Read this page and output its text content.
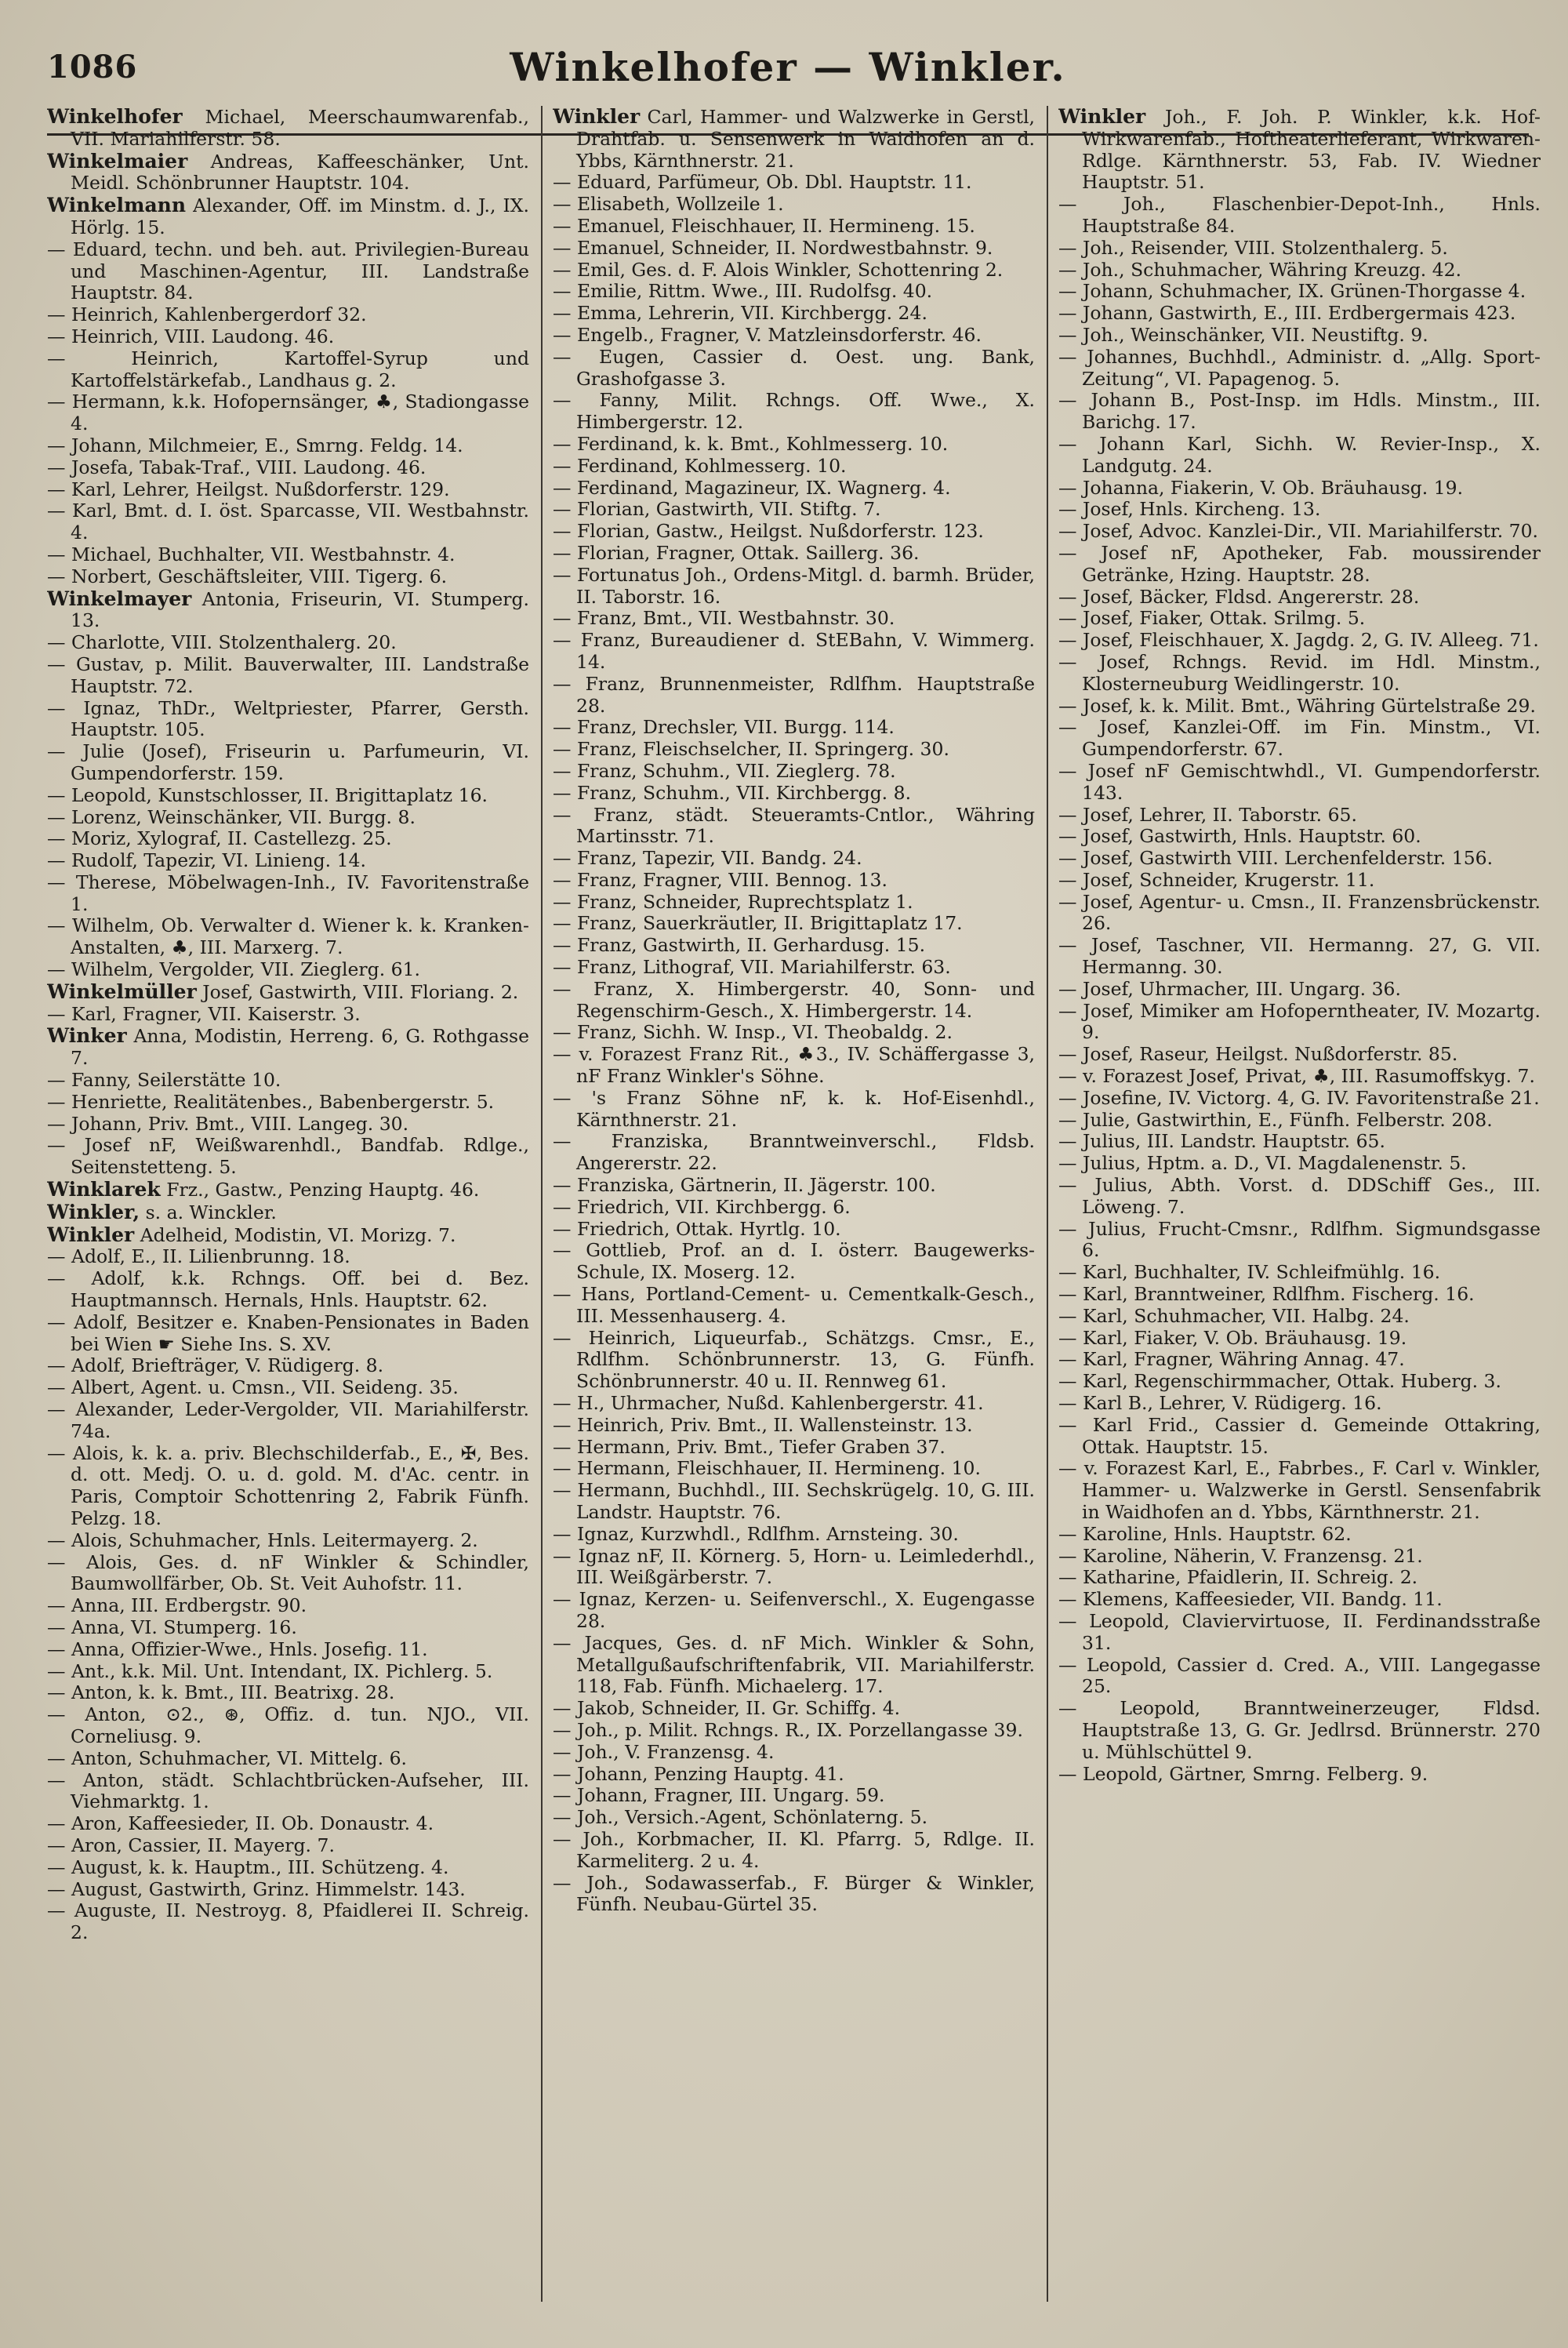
1086	Winkelhofer — Winkler.
Winkelhofer Michael, Meerschaumwarenfab., VII. Mariahilferstr. 58.
Winkelmaier Andreas, Kaffeeschänker, Unt. Meidl. Schönbrunner Hauptstr. 104.
Winkelmann Alexander, Off. im Minstm. d. J., IX. Hörlg. 15.
— Eduard, techn. und beh. aut. Privilegien-Bureau und Maschinen-Agentur, III. Landstraße Hauptstr. 84.
— Heinrich, Kahlenbergerdorf 32.
— Heinrich, VIII. Laudong. 46.
— Heinrich, Kartoffel-Syrup und Kartoffelstärkefab., Landhaus g. 2.
— Hermann, k.k. Hofopernsänger, ♣, Stadiongasse 4.
— Johann, Milchmeier, E., Smrng. Feldg. 14.
— Josefa, Tabak-Traf., VIII. Laudong. 46.
— Karl, Lehrer, Heilgst. Nußdorferstr. 129.
— Karl, Bmt. d. I. öst. Sparcasse, VII. Westbahnstr. 4.
— Michael, Buchhalter, VII. Westbahnstr. 4.
— Norbert, Geschäftsleiter, VIII. Tigerg. 6.
Winkelmayer Antonia, Friseurin, VI. Stumperg. 13.
— Charlotte, VIII. Stolzenthalerg. 20.
— Gustav, p. Milit. Bauverwalter, III. Landstraße Hauptstr. 72.
— Ignaz, ThDr., Weltpriester, Pfarrer, Gersth. Hauptstr. 105.
— Julie (Josef), Friseurin u. Parfumeurin, VI. Gumpendorferstr. 159.
— Leopold, Kunstschlosser, II. Brigittaplatz 16.
— Lorenz, Weinschänker, VII. Burgg. 8.
— Moriz, Xylograf, II. Castellezg. 25.
— Rudolf, Tapezir, VI. Linieng. 14.
— Therese, Möbelwagen-Inh., IV. Favoritenstraße 1.
— Wilhelm, Ob. Verwalter d. Wiener k. k. Kranken-Anstalten, ♣, III. Marxerg. 7.
— Wilhelm, Vergolder, VII. Zieglerg. 61.
Winkelmüller Josef, Gastwirth, VIII. Floriang. 2.
— Karl, Fragner, VII. Kaiserstr. 3.
Winker Anna, Modistin, Herreng. 6, G. Rothgasse 7.
— Fanny, Seilerstätte 10.
— Henriette, Realitätenbes., Babenbergerstr. 5.
— Johann, Priv. Bmt., VIII. Langeg. 30.
— Josef nF, Weißwarenhdl., Bandfab. Rdlge., Seitenstetteng. 5.
Winklarek Frz., Gastw., Penzing Hauptg. 46.
Winkler, s. a. Winckler.
Winkler Adelheid, Modistin, VI. Morizg. 7.
— Adolf, E., II. Lilienbrunng. 18.
— Adolf, k.k. Rchngs. Off. bei d. Bez. Hauptmannsch. Hernals, Hnls. Hauptstr. 62.
— Adolf, Besitzer e. Knaben-Pensionates in Baden bei Wien ☛ Siehe Ins. S. XV.
— Adolf, Briefträger, V. Rüdigerg. 8.
— Albert, Agent. u. Cmsn., VII. Seideng. 35.
— Alexander, Leder-Vergolder, VII. Mariahilferstr. 74a.
— Alois, k. k. a. priv. Blechschilderfab., E., ✠, Bes. d. ott. Medj. O. u. d. gold. M. d'Ac. centr. in Paris, Comptoir Schottenring 2, Fabrik Fünfh. Pelzg. 18.
— Alois, Schuhmacher, Hnls. Leitermayerg. 2.
— Alois, Ges. d. nF Winkler & Schindler, Baumwollfärber, Ob. St. Veit Auhofstr. 11.
— Anna, III. Erdbergstr. 90.
— Anna, VI. Stumperg. 16.
— Anna, Offizier-Wwe., Hnls. Josefig. 11.
— Ant., k.k. Mil. Unt. Intendant, IX. Pichlerg. 5.
— Anton, k. k. Bmt., III. Beatrixg. 28.
— Anton, ⊙2., ⊛, Offiz. d. tun. NJO., VII. Corneliusg. 9.
— Anton, Schuhmacher, VI. Mittelg. 6.
— Anton, städt. Schlachtbrücken-Aufseher, III. Viehmarktg. 1.
— Aron, Kaffeesieder, II. Ob. Donaustr. 4.
— Aron, Cassier, II. Mayerg. 7.
— August, k. k. Hauptm., III. Schützeng. 4.
— August, Gastwirth, Grinz. Himmelstr. 143.
— Auguste, II. Nestroyg. 8, Pfaidlerei II. Schreig. 2.
Winkler Carl, Hammer- und Walzwerke in Gerstl, Drahtfab. u. Sensenwerk in Waidhofen an d. Ybbs, Kärnthnerstr. 21.
— Eduard, Parfümeur, Ob. Dbl. Hauptstr. 11.
— Elisabeth, Wollzeile 1.
— Emanuel, Fleischhauer, II. Hermineng. 15.
— Emanuel, Schneider, II. Nordwestbahnstr. 9.
— Emil, Ges. d. F. Alois Winkler, Schottenring 2.
— Emilie, Rittm. Wwe., III. Rudolfsg. 40.
— Emma, Lehrerin, VII. Kirchbergg. 24.
— Engelb., Fragner, V. Matzleinsdorferstr. 46.
— Eugen, Cassier d. Oest. ung. Bank, Grashofgasse 3.
— Fanny, Milit. Rchngs. Off. Wwe., X. Himbergerstr. 12.
— Ferdinand, k. k. Bmt., Kohlmesserg. 10.
— Ferdinand, Kohlmesserg. 10.
— Ferdinand, Magazineur, IX. Wagnerg. 4.
— Florian, Gastwirth, VII. Stiftg. 7.
— Florian, Gastw., Heilgst. Nußdorferstr. 123.
— Florian, Fragner, Ottak. Saillerg. 36.
— Fortunatus Joh., Ordens-Mitgl. d. barmh. Brüder, II. Taborstr. 16.
— Franz, Bmt., VII. Westbahnstr. 30.
— Franz, Bureaudiener d. StEBahn, V. Wimmerg. 14.
— Franz, Brunnenmeister, Rdlfhm. Hauptstraße 28.
— Franz, Drechsler, VII. Burgg. 114.
— Franz, Fleischselcher, II. Springerg. 30.
— Franz, Schuhm., VII. Zieglerg. 78.
— Franz, Schuhm., VII. Kirchbergg. 8.
— Franz, städt. Steueramts-Cntlor., Währing Martinsstr. 71.
— Franz, Tapezir, VII. Bandg. 24.
— Franz, Fragner, VIII. Bennog. 13.
— Franz, Schneider, Ruprechtsplatz 1.
— Franz, Sauerkräutler, II. Brigittaplatz 17.
— Franz, Gastwirth, II. Gerhardusg. 15.
— Franz, Lithograf, VII. Mariahilferstr. 63.
— Franz, X. Himbergerstr. 40, Sonn- und Regenschirm-Gesch., X. Himbergerstr. 14.
— Franz, Sichh. W. Insp., VI. Theobaldg. 2.
— v. Forazest Franz Rit., ♣3., IV. Schäffergasse 3, nF Franz Winkler's Söhne.
— 's Franz Söhne nF, k. k. Hof-Eisenhdl., Kärnthnerstr. 21.
— Franziska, Branntweinverschl., Fldsb. Angererstr. 22.
— Franziska, Gärtnerin, II. Jägerstr. 100.
— Friedrich, VII. Kirchbergg. 6.
— Friedrich, Ottak. Hyrtlg. 10.
— Gottlieb, Prof. an d. I. österr. Baugewerks-Schule, IX. Moserg. 12.
— Hans, Portland-Cement- u. Cementkalk-Gesch., III. Messenhauserg. 4.
— Heinrich, Liqueurfab., Schätzgs. Cmsr., E., Rdlfhm. Schönbrunnerstr. 13, G. Fünfh. Schönbrunnerstr. 40 u. II. Rennweg 61.
— H., Uhrmacher, Nußd. Kahlenbergerstr. 41.
— Heinrich, Priv. Bmt., II. Wallensteinstr. 13.
— Hermann, Priv. Bmt., Tiefer Graben 37.
— Hermann, Fleischhauer, II. Hermineng. 10.
— Hermann, Buchhdl., III. Sechskrügelg. 10, G. III. Landstr. Hauptstr. 76.
— Ignaz, Kurzwhdl., Rdlfhm. Arnsteing. 30.
— Ignaz nF, II. Körnerg. 5, Horn- u. Leimlederhdl., III. Weißgärberstr. 7.
— Ignaz, Kerzen- u. Seifenverschl., X. Eugengasse 28.
— Jacques, Ges. d. nF Mich. Winkler & Sohn, Metallgußaufschriftenfabrik, VII. Mariahilferstr. 118, Fab. Fünfh. Michaelerg. 17.
— Jakob, Schneider, II. Gr. Schiffg. 4.
— Joh., p. Milit. Rchngs. R., IX. Porzellangasse 39.
— Joh., V. Franzensg. 4.
— Johann, Penzing Hauptg. 41.
— Johann, Fragner, III. Ungarg. 59.
— Joh., Versich.-Agent, Schönlaterng. 5.
— Joh., Korbmacher, II. Kl. Pfarrg. 5, Rdlge. II. Karmeliterg. 2 u. 4.
— Joh., Sodawasserfab., F. Bürger & Winkler, Fünfh. Neubau-Gürtel 35.
Winkler Joh., F. Joh. P. Winkler, k.k. Hof-Wirkwarenfab., Hoftheaterlieferant, Wirkwaren-Rdlge. Kärnthnerstr. 53, Fab. IV. Wiedner Hauptstr. 51.
— Joh., Flaschenbier-Depot-Inh., Hnls. Hauptstraße 84.
— Joh., Reisender, VIII. Stolzenthalerg. 5.
— Joh., Schuhmacher, Währing Kreuzg. 42.
— Johann, Schuhmacher, IX. Grünen-Thorgasse 4.
— Johann, Gastwirth, E., III. Erdbergermais 423.
— Joh., Weinschänker, VII. Neustiftg. 9.
— Johannes, Buchhdl., Administr. d. „Allg. Sport-Zeitung“, VI. Papagenog. 5.
— Johann B., Post-Insp. im Hdls. Minstm., III. Barichg. 17.
— Johann Karl, Sichh. W. Revier-Insp., X. Landgutg. 24.
— Johanna, Fiakerin, V. Ob. Bräuhausg. 19.
— Josef, Hnls. Kircheng. 13.
— Josef, Advoc. Kanzlei-Dir., VII. Mariahilferstr. 70.
— Josef nF, Apotheker, Fab. moussirender Getränke, Hzing. Hauptstr. 28.
— Josef, Bäcker, Fldsd. Angererstr. 28.
— Josef, Fiaker, Ottak. Srilmg. 5.
— Josef, Fleischhauer, X. Jagdg. 2, G. IV. Alleeg. 71.
— Josef, Rchngs. Revid. im Hdl. Minstm., Klosterneuburg Weidlingerstr. 10.
— Josef, k. k. Milit. Bmt., Währing Gürtelstraße 29.
— Josef, Kanzlei-Off. im Fin. Minstm., VI. Gumpendorferstr. 67.
— Josef nF Gemischtwhdl., VI. Gumpendorferstr. 143.
— Josef, Lehrer, II. Taborstr. 65.
— Josef, Gastwirth, Hnls. Hauptstr. 60.
— Josef, Gastwirth VIII. Lerchenfelderstr. 156.
— Josef, Schneider, Krugerstr. 11.
— Josef, Agentur- u. Cmsn., II. Franzensbrückenstr. 26.
— Josef, Taschner, VII. Hermanng. 27, G. VII. Hermanng. 30.
— Josef, Uhrmacher, III. Ungarg. 36.
— Josef, Mimiker am Hofoperntheater, IV. Mozartg. 9.
— Josef, Raseur, Heilgst. Nußdorferstr. 85.
— v. Forazest Josef, Privat, ♣, III. Rasumoffskyg. 7.
— Josefine, IV. Victorg. 4, G. IV. Favoritenstraße 21.
— Julie, Gastwirthin, E., Fünfh. Felberstr. 208.
— Julius, III. Landstr. Hauptstr. 65.
— Julius, Hptm. a. D., VI. Magdalenenstr. 5.
— Julius, Abth. Vorst. d. DDSchiff Ges., III. Löweng. 7.
— Julius, Frucht-Cmsnr., Rdlfhm. Sigmundsgasse 6.
— Karl, Buchhalter, IV. Schleifmühlg. 16.
— Karl, Branntweiner, Rdlfhm. Fischerg. 16.
— Karl, Schuhmacher, VII. Halbg. 24.
— Karl, Fiaker, V. Ob. Bräuhausg. 19.
— Karl, Fragner, Währing Annag. 47.
— Karl, Regenschirmmacher, Ottak. Huberg. 3.
— Karl B., Lehrer, V. Rüdigerg. 16.
— Karl Frid., Cassier d. Gemeinde Ottakring, Ottak. Hauptstr. 15.
— v. Forazest Karl, E., Fabrbes., F. Carl v. Winkler, Hammer- u. Walzwerke in Gerstl. Sensenfabrik in Waidhofen an d. Ybbs, Kärnthnerstr. 21.
— Karoline, Hnls. Hauptstr. 62.
— Karoline, Näherin, V. Franzensg. 21.
— Katharine, Pfaidlerin, II. Schreig. 2.
— Klemens, Kaffeesieder, VII. Bandg. 11.
— Leopold, Claviervirtuose, II. Ferdinandsstraße 31.
— Leopold, Cassier d. Cred. A., VIII. Langegasse 25.
— Leopold, Branntweinerzeuger, Fldsd. Hauptstraße 13, G. Gr. Jedlrsd. Brünnerstr. 270 u. Mühlschüttel 9.
— Leopold, Gärtner, Smrng. Felberg. 9.
